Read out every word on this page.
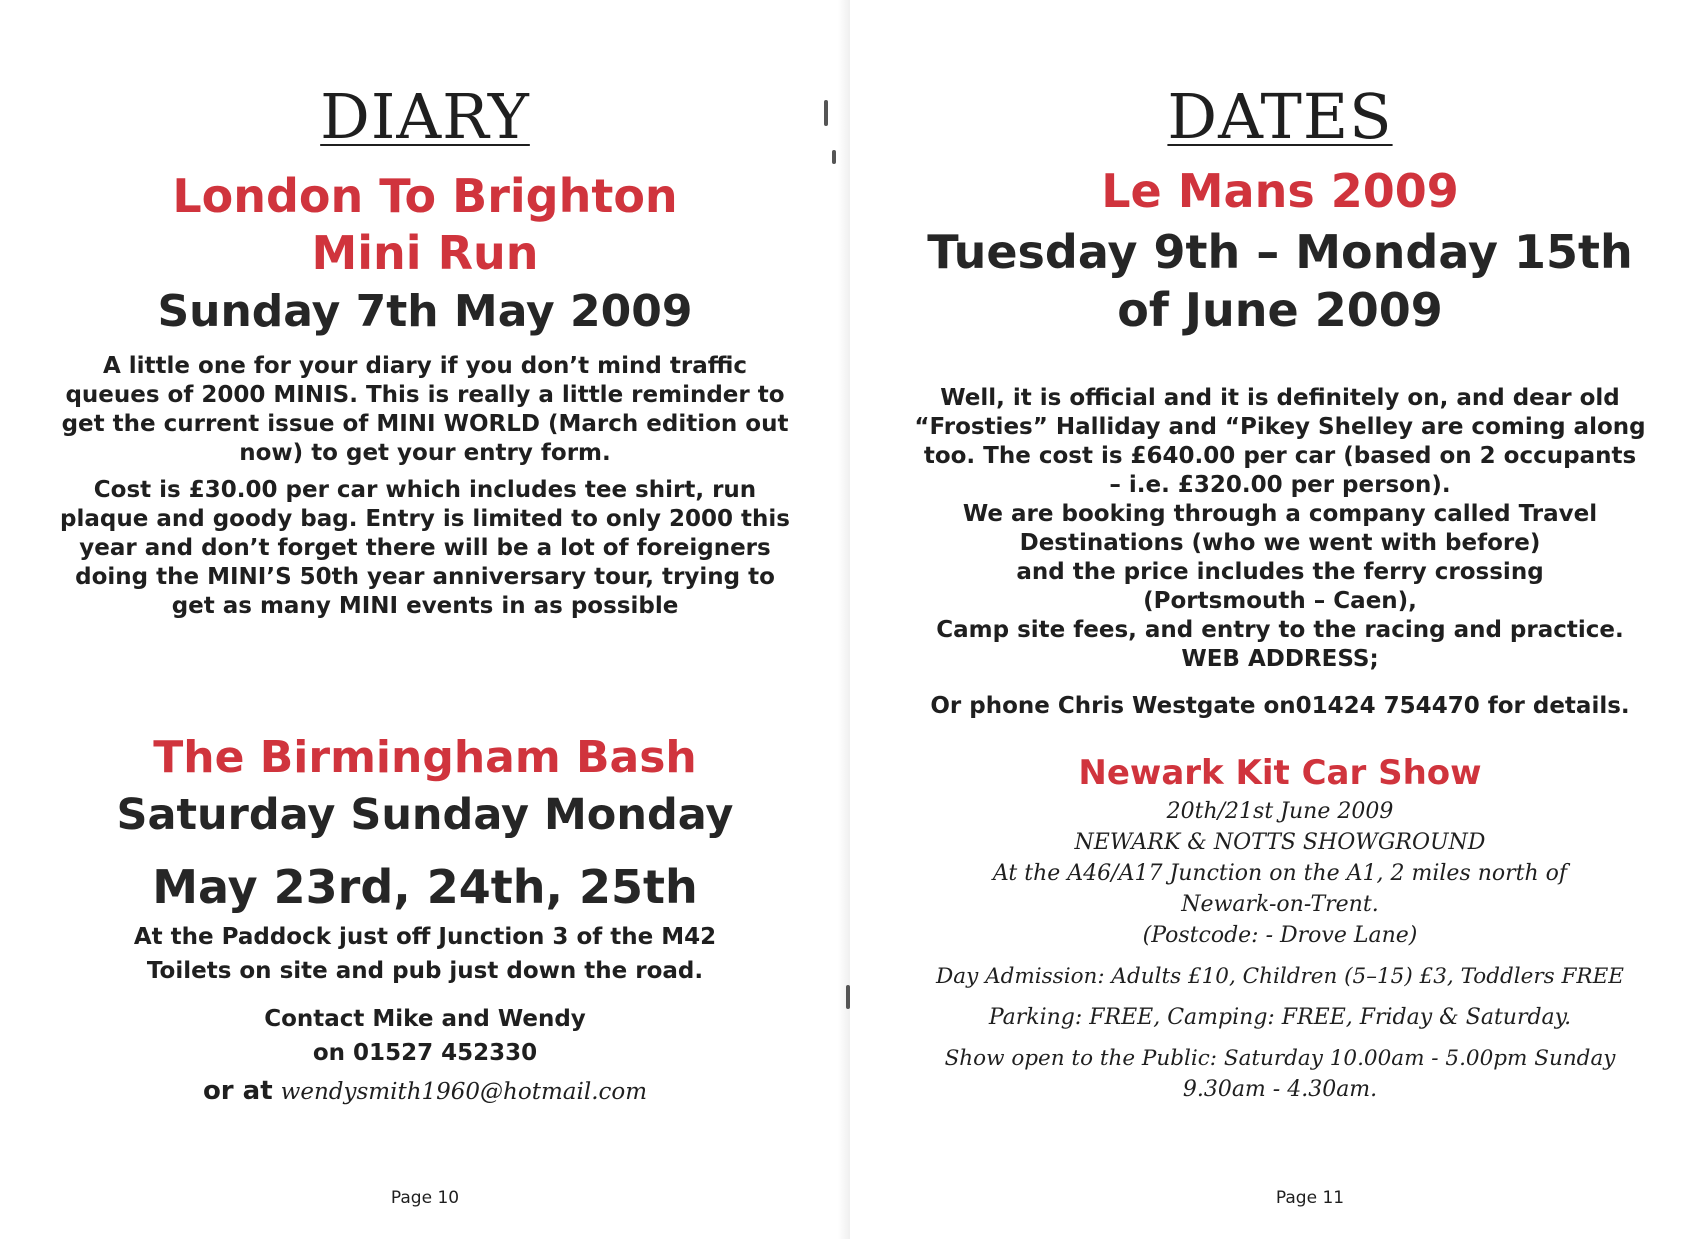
DIARY
London To Brighton
Mini Run
Sunday 7th May 2009
A little one for your diary if you don’t mind traffic
queues of 2000 MINIS. This is really a little reminder to
get the current issue of MINI WORLD (March edition out
now) to get your entry form.
Cost is £30.00 per car which includes tee shirt, run
plaque and goody bag. Entry is limited to only 2000 this
year and don’t forget there will be a lot of foreigners
doing the MINI’S 50th year anniversary tour, trying to
get as many MINI events in as possible
The Birmingham Bash
Saturday Sunday Monday
May 23rd, 24th, 25th
At the Paddock just off Junction 3 of the M42
Toilets on site and pub just down the road.
Contact Mike and Wendy
on 01527 452330
or at wendysmith1960@hotmail.com
Page 10
DATES
Le Mans 2009
Tuesday 9th – Monday 15th
of June 2009
Well, it is official and it is definitely on, and dear old
“Frosties” Halliday and “Pikey Shelley are coming along
too. The cost is £640.00 per car (based on 2 occupants
– i.e. £320.00 per person).
We are booking through a company called Travel
Destinations (who we went with before)
and the price includes the ferry crossing
(Portsmouth – Caen),
Camp site fees, and entry to the racing and practice.
WEB ADDRESS;
Or phone Chris Westgate on01424 754470 for details.
Newark Kit Car Show
20th/21st June 2009
NEWARK & NOTTS SHOWGROUND
At the A46/A17 Junction on the A1, 2 miles north of
Newark-on-Trent.
(Postcode: - Drove Lane)
Day Admission: Adults £10, Children (5–15) £3, Toddlers FREE
Parking: FREE, Camping: FREE, Friday & Saturday.
Show open to the Public: Saturday 10.00am - 5.00pm Sunday
9.30am - 4.30am.
Page 11
